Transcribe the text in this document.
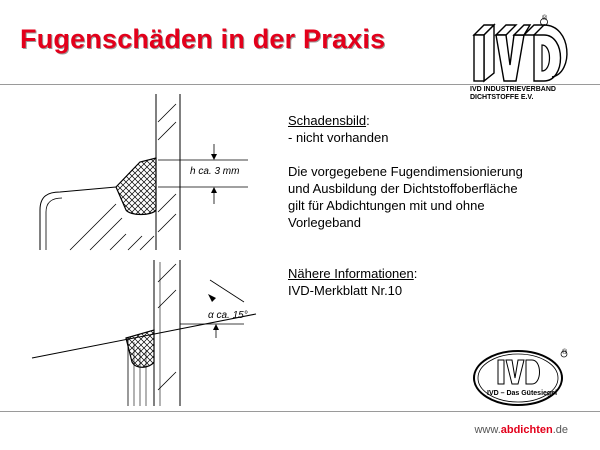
Fugenschäden in der Praxis
®
IVD INDUSTRIEVERBAND
DICHTSTOFFE E.V.
h ca. 3 mm
α ca. 15°

Schadensbild:

- nicht vorhanden

Die vorgegebene Fugendimensionierung

und Ausbildung der Dichtstoffoberfläche

gilt für Abdichtungen mit und ohne

Vorlegeband

Nähere Informationen:

IVD-Merkblatt Nr.10

®
IVD – Das Gütesiegel
www.abdichten.de
